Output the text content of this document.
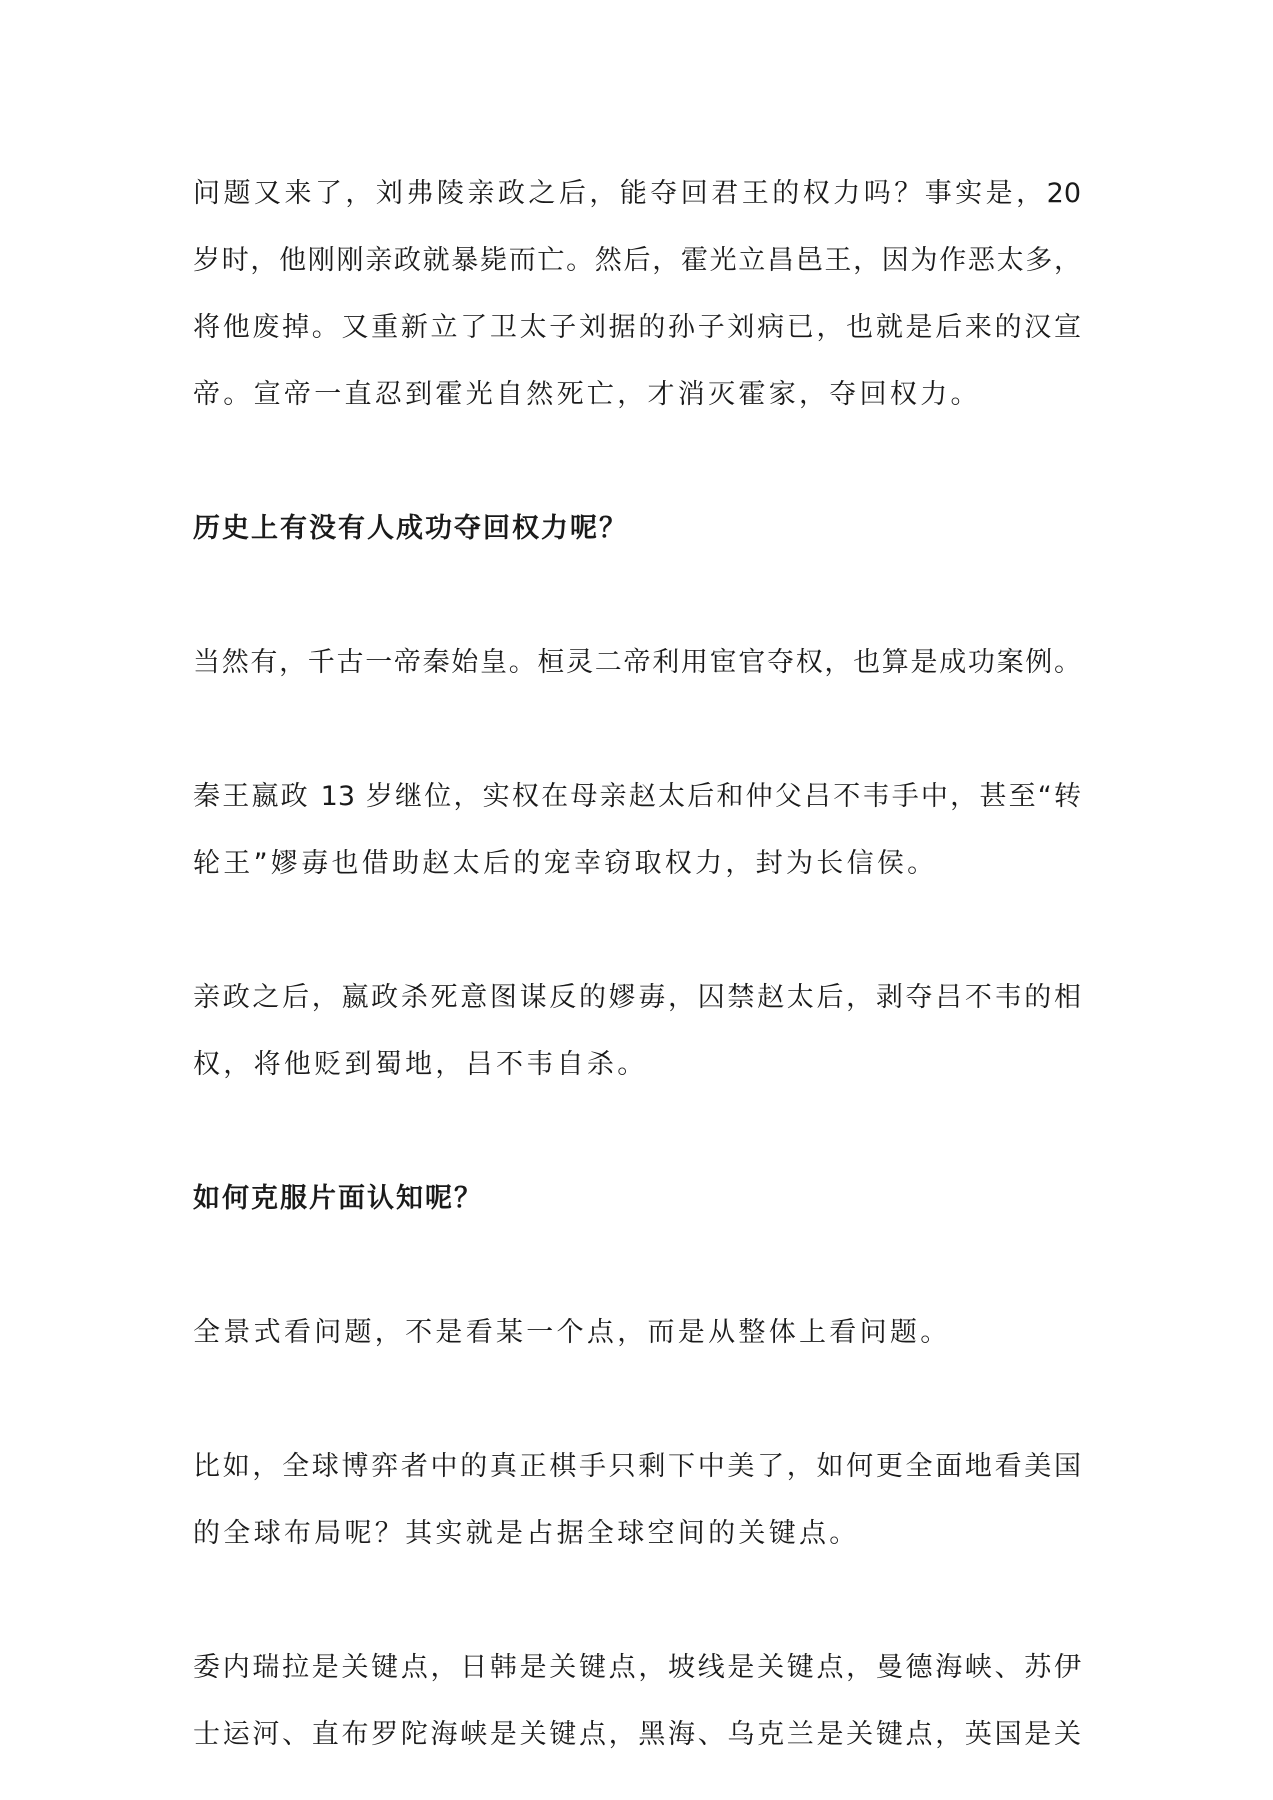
问题又来了，刘弗陵亲政之后，能夺回君王的权力吗？事实是，20
岁时，他刚刚亲政就暴毙而亡。然后，霍光立昌邑王，因为作恶太多，
将他废掉。又重新立了卫太子刘据的孙子刘病已，也就是后来的汉宣
帝。宣帝一直忍到霍光自然死亡，才消灭霍家，夺回权力。
历史上有没有人成功夺回权力呢？
当然有，千古一帝秦始皇。桓灵二帝利用宦官夺权，也算是成功案例。
秦王嬴政 13 岁继位，实权在母亲赵太后和仲父吕不韦手中，甚至“转
轮王”嫪毐也借助赵太后的宠幸窃取权力，封为长信侯。
亲政之后，嬴政杀死意图谋反的嫪毐，囚禁赵太后，剥夺吕不韦的相
权，将他贬到蜀地，吕不韦自杀。
如何克服片面认知呢？
全景式看问题，不是看某一个点，而是从整体上看问题。
比如，全球博弈者中的真正棋手只剩下中美了，如何更全面地看美国
的全球布局呢？其实就是占据全球空间的关键点。
委内瑞拉是关键点，日韩是关键点，坡线是关键点，曼德海峡、苏伊
士运河、直布罗陀海峡是关键点，黑海、乌克兰是关键点，英国是关
